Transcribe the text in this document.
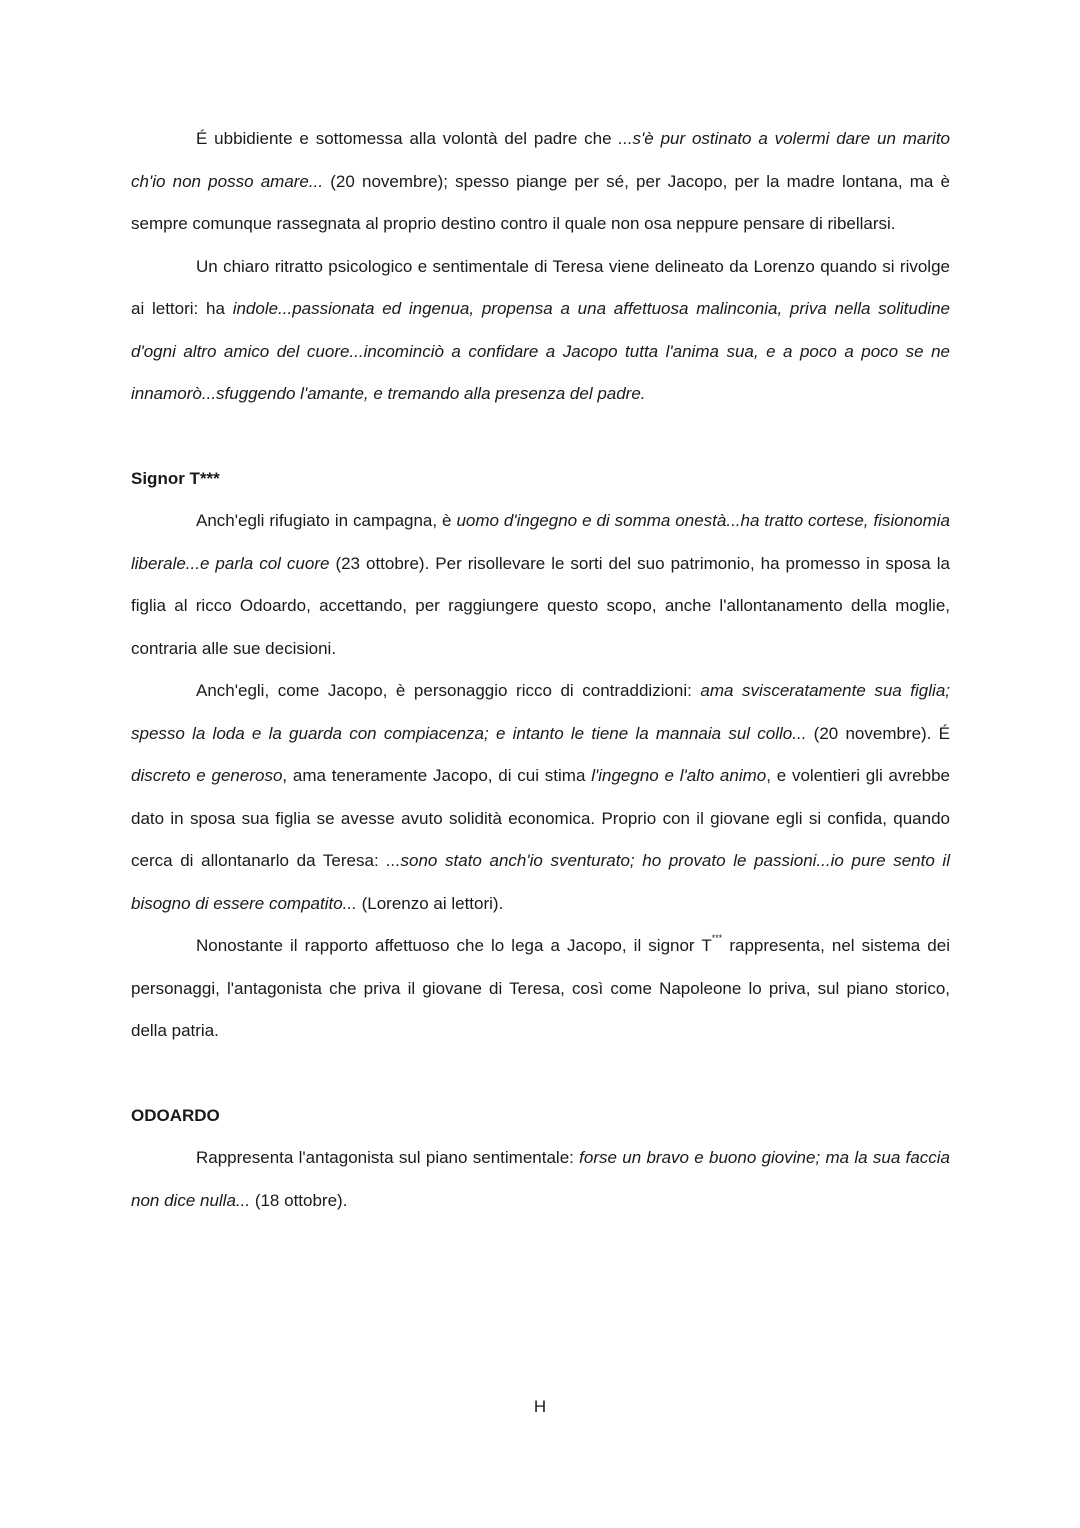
É ubbidiente e sottomessa alla volontà del padre che ...s'è pur ostinato a volermi dare un marito ch'io non posso amare... (20 novembre); spesso piange per sé, per Jacopo, per la madre lontana, ma è sempre comunque rassegnata al proprio destino contro il quale non osa neppure pensare di ribellarsi.

Un chiaro ritratto psicologico e sentimentale di Teresa viene delineato da Lorenzo quando si rivolge ai lettori: ha indole...passionata ed ingenua, propensa a una affettuosa malinconia, priva nella solitudine d'ogni altro amico del cuore...incominciò a confidare a Jacopo tutta l'anima sua, e a poco a poco se ne innamorò...sfuggendo l'amante, e tremando alla presenza del padre.

Signor T***

Anch'egli rifugiato in campagna, è uomo d'ingegno e di somma onestà...ha tratto cortese, fisionomia liberale...e parla col cuore (23 ottobre). Per risollevare le sorti del suo patrimonio, ha promesso in sposa la figlia al ricco Odoardo, accettando, per raggiungere questo scopo, anche l'allontanamento della moglie, contraria alle sue decisioni.

Anch'egli, come Jacopo, è personaggio ricco di contraddizioni: ama svisceratamente sua figlia; spesso la loda e la guarda con compiacenza; e intanto le tiene la mannaia sul collo... (20 novembre). É discreto e generoso, ama teneramente Jacopo, di cui stima l'ingegno e l'alto animo, e volentieri gli avrebbe dato in sposa sua figlia se avesse avuto solidità economica. Proprio con il giovane egli si confida, quando cerca di allontanarlo da Teresa: ...sono stato anch'io sventurato; ho provato le passioni...io pure sento il bisogno di essere compatito... (Lorenzo ai lettori).

Nonostante il rapporto affettuoso che lo lega a Jacopo, il signor T*** rappresenta, nel sistema dei personaggi, l'antagonista che priva il giovane di Teresa, così come Napoleone lo priva, sul piano storico, della patria.

ODOARDO

Rappresenta l'antagonista sul piano sentimentale: forse un bravo e buono giovine; ma la sua faccia non dice nulla... (18 ottobre).

H
